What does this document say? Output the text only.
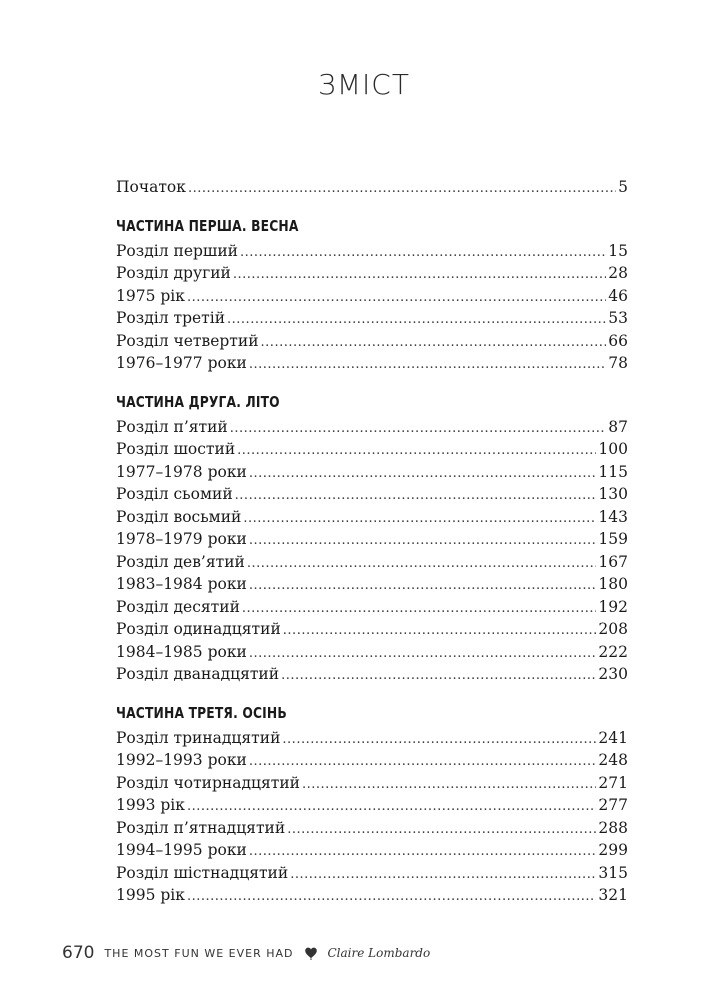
ЗМІСТ
Початок .....	5
ЧАСТИНА ПЕРША. ВЕСНА
Розділ перший .....	15
Розділ другий .....	28
1975 рік .....	46
Розділ третій .....	53
Розділ четвертий .....	66
1976–1977 роки .....	78
ЧАСТИНА ДРУГА. ЛІТО
Розділ п’ятий .....	87
Розділ шостий .....	100
1977–1978 роки .....	115
Розділ сьомий .....	130
Розділ восьмий .....	143
1978–1979 роки .....	159
Розділ дев’ятий .....	167
1983–1984 роки .....	180
Розділ десятий .....	192
Розділ одинадцятий .....	208
1984–1985 роки .....	222
Розділ дванадцятий .....	230
ЧАСТИНА ТРЕТЯ. ОСІНЬ
Розділ тринадцятий .....	241
1992–1993 роки .....	248
Розділ чотирнадцятий .....	271
1993 рік .....	277
Розділ п’ятнадцятий .....	288
1994–1995 роки .....	299
Розділ шістнадцятий .....	315
1995 рік .....	321
670 THE MOST FUN WE EVER HAD	Claire Lombardo
